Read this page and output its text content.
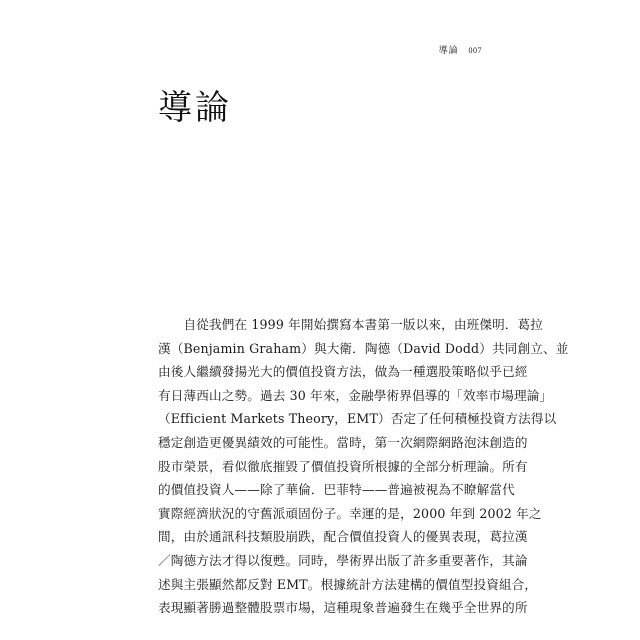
導論 007
導論
　　自從我們在 1999 年開始撰寫本書第一版以來，由班傑明．葛拉
漢（Benjamin Graham）與大衛．陶德（David Dodd）共同創立、並
由後人繼續發揚光大的價值投資方法，做為一種選股策略似乎已經
有日薄西山之勢。過去 30 年來，金融學術界倡導的「效率市場理論」
（Efficient Markets Theory，EMT）否定了任何積極投資方法得以
穩定創造更優異績效的可能性。當時，第一次網際網路泡沫創造的
股市榮景，看似徹底摧毀了價值投資所根據的全部分析理論。所有
的價值投資人——除了華倫．巴菲特——普遍被視為不瞭解當代
實際經濟狀況的守舊派頑固份子。幸運的是，2000 年到 2002 年之
間，由於通訊科技類股崩跌，配合價值投資人的優異表現，葛拉漢
／陶德方法才得以復甦。同時，學術界出版了許多重要著作，其論
述與主張顯然都反對 EMT。根據統計方法建構的價值型投資組合，
表現顯著勝過整體股票市場，這種現象普遍發生在幾乎全世界的所
